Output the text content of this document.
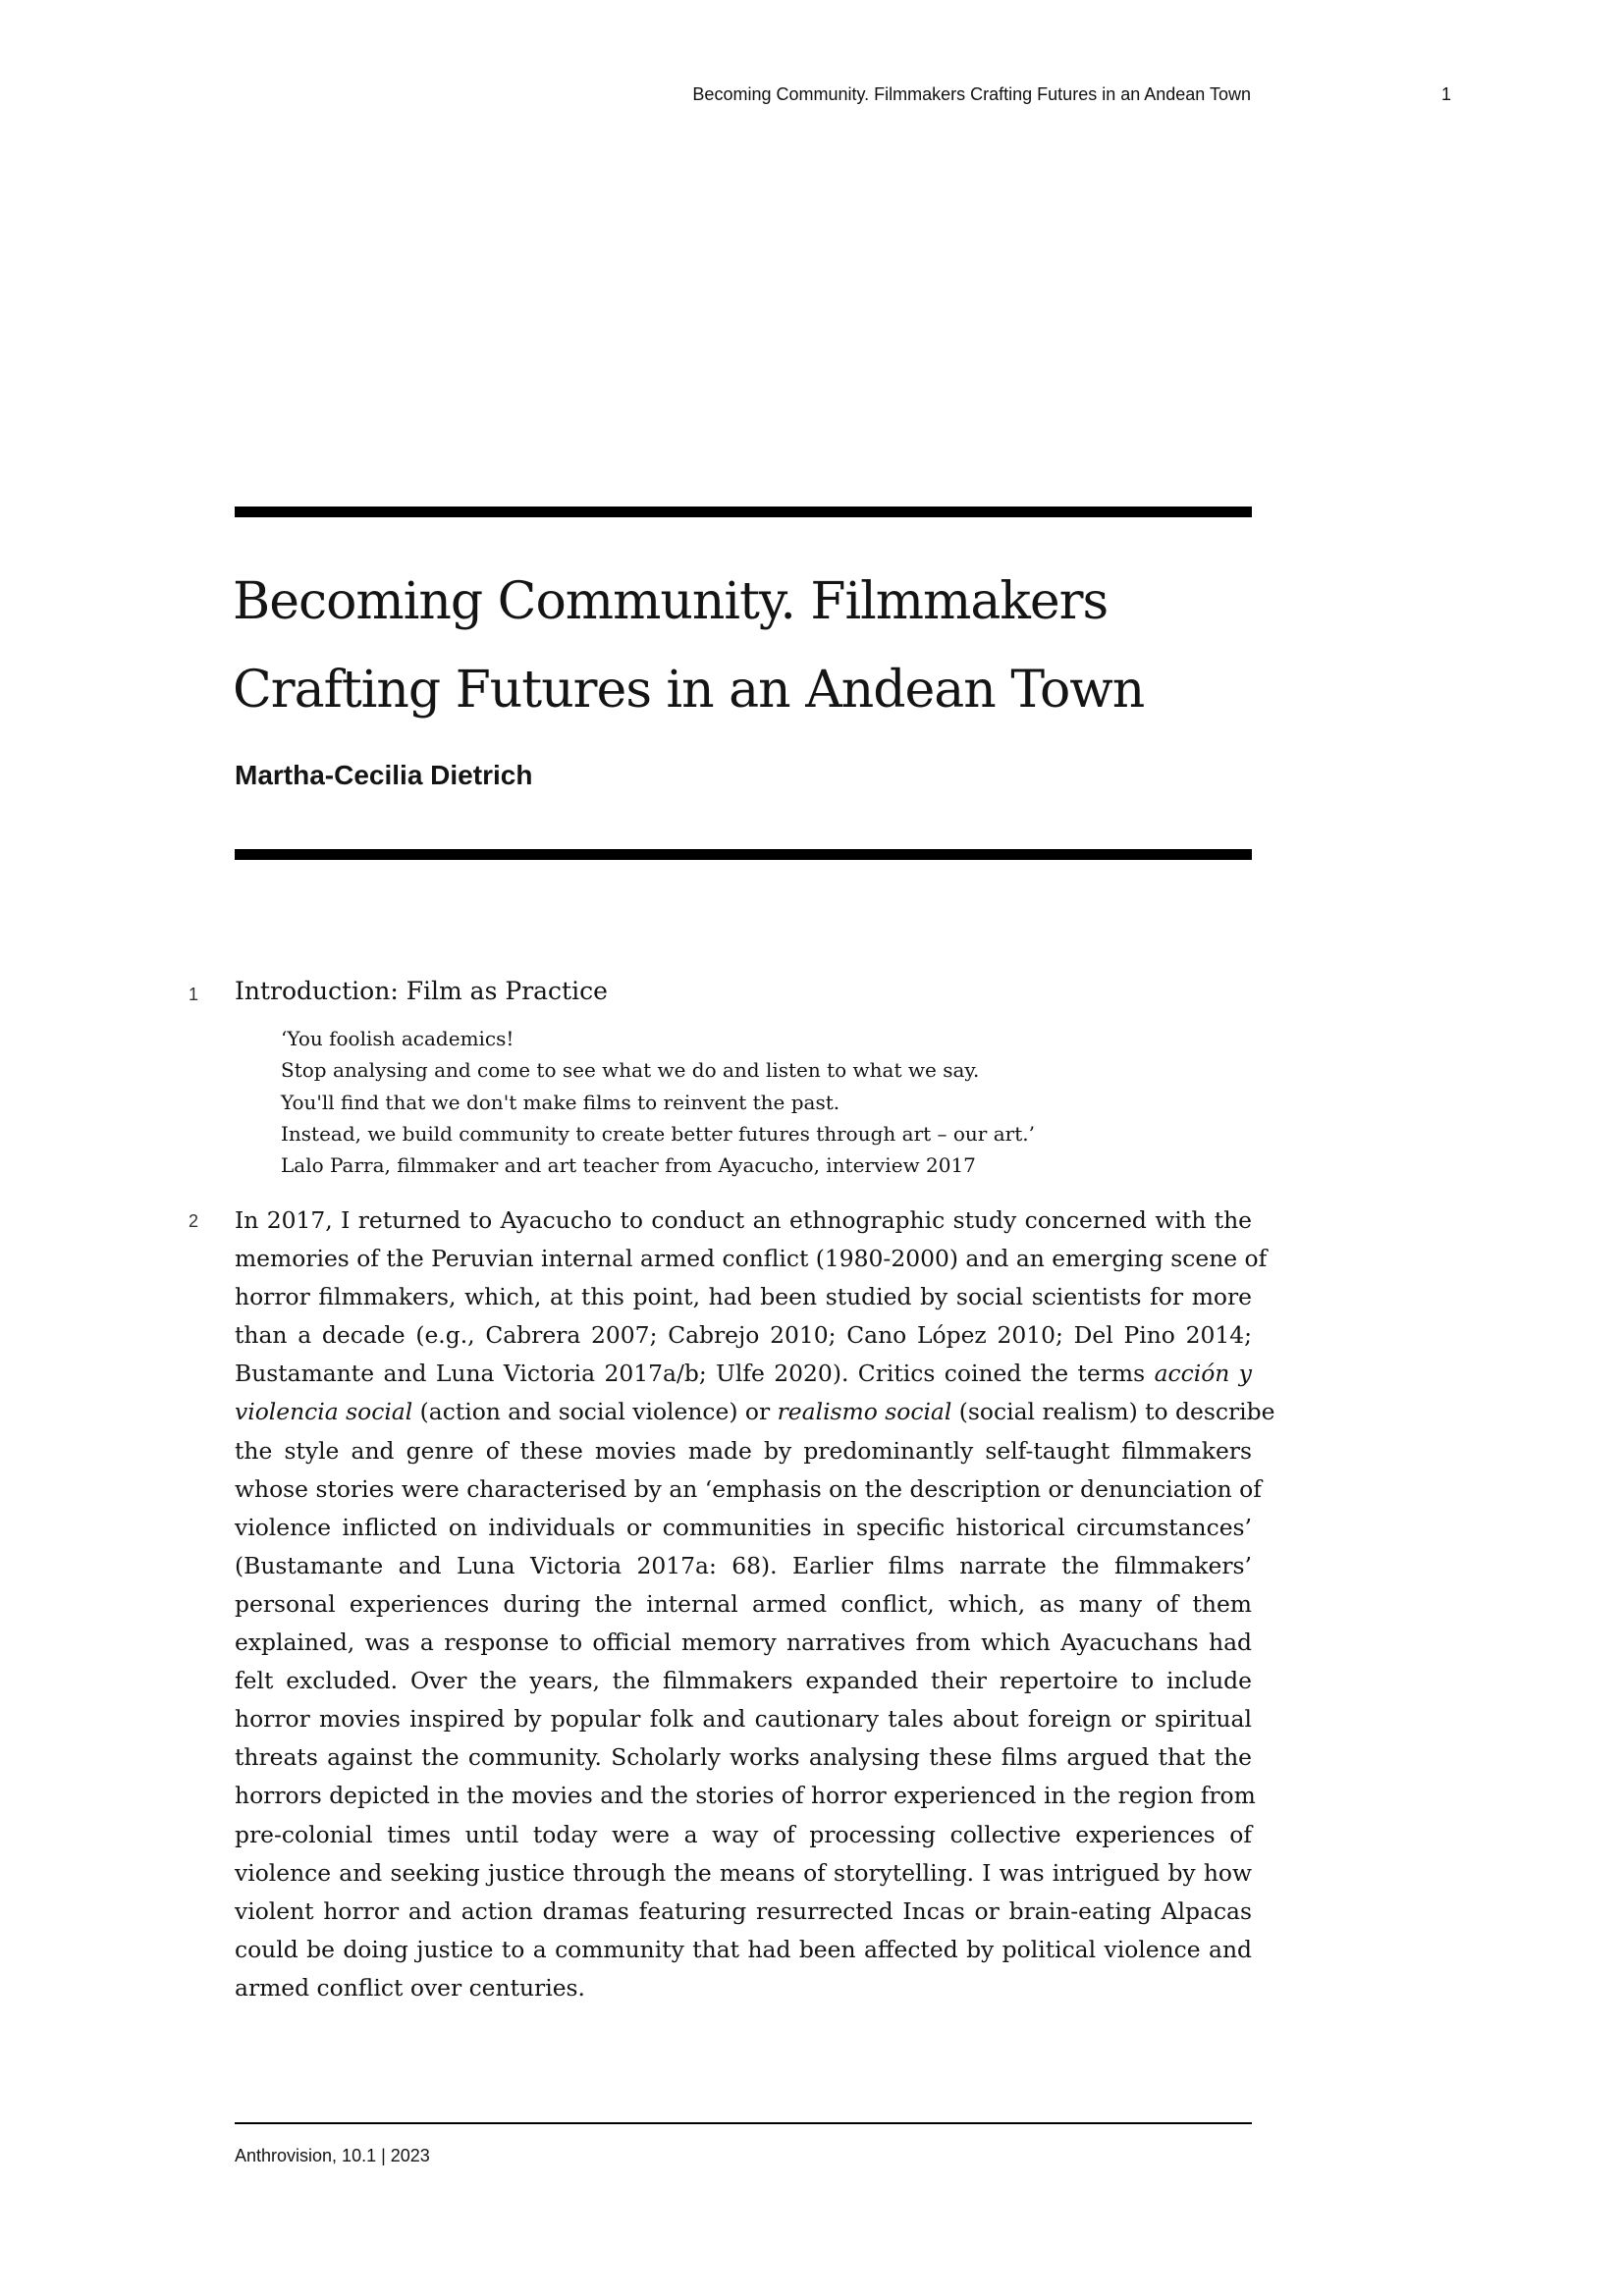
Becoming Community. Filmmakers Crafting Futures in an Andean Town	1
Becoming Community. Filmmakers
Crafting Futures in an Andean Town
Martha-Cecilia Dietrich
1 Introduction: Film as Practice
‘You foolish academics!
Stop analysing and come to see what we do and listen to what we say.
You'll find that we don't make films to reinvent the past.
Instead, we build community to create better futures through art – our art.’
Lalo Parra, filmmaker and art teacher from Ayacucho, interview 2017
2 In 2017, I returned to Ayacucho to conduct an ethnographic study concerned with the
memories of the Peruvian internal armed conflict (1980-2000) and an emerging scene of
horror filmmakers, which, at this point, had been studied by social scientists for more
than a decade (e.g., Cabrera 2007; Cabrejo 2010; Cano López 2010; Del Pino 2014;
Bustamante and Luna Victoria 2017a/b; Ulfe 2020). Critics coined the terms acción y
violencia social (action and social violence) or realismo social (social realism) to describe
the style and genre of these movies made by predominantly self-taught filmmakers
whose stories were characterised by an ‘emphasis on the description or denunciation of
violence inflicted on individuals or communities in specific historical circumstances’
(Bustamante and Luna Victoria 2017a: 68). Earlier films narrate the filmmakers’
personal experiences during the internal armed conflict, which, as many of them
explained, was a response to official memory narratives from which Ayacuchans had
felt excluded. Over the years, the filmmakers expanded their repertoire to include
horror movies inspired by popular folk and cautionary tales about foreign or spiritual
threats against the community. Scholarly works analysing these films argued that the
horrors depicted in the movies and the stories of horror experienced in the region from
pre-colonial times until today were a way of processing collective experiences of
violence and seeking justice through the means of storytelling. I was intrigued by how
violent horror and action dramas featuring resurrected Incas or brain-eating Alpacas
could be doing justice to a community that had been affected by political violence and
armed conflict over centuries.
Anthrovision, 10.1 | 2023
